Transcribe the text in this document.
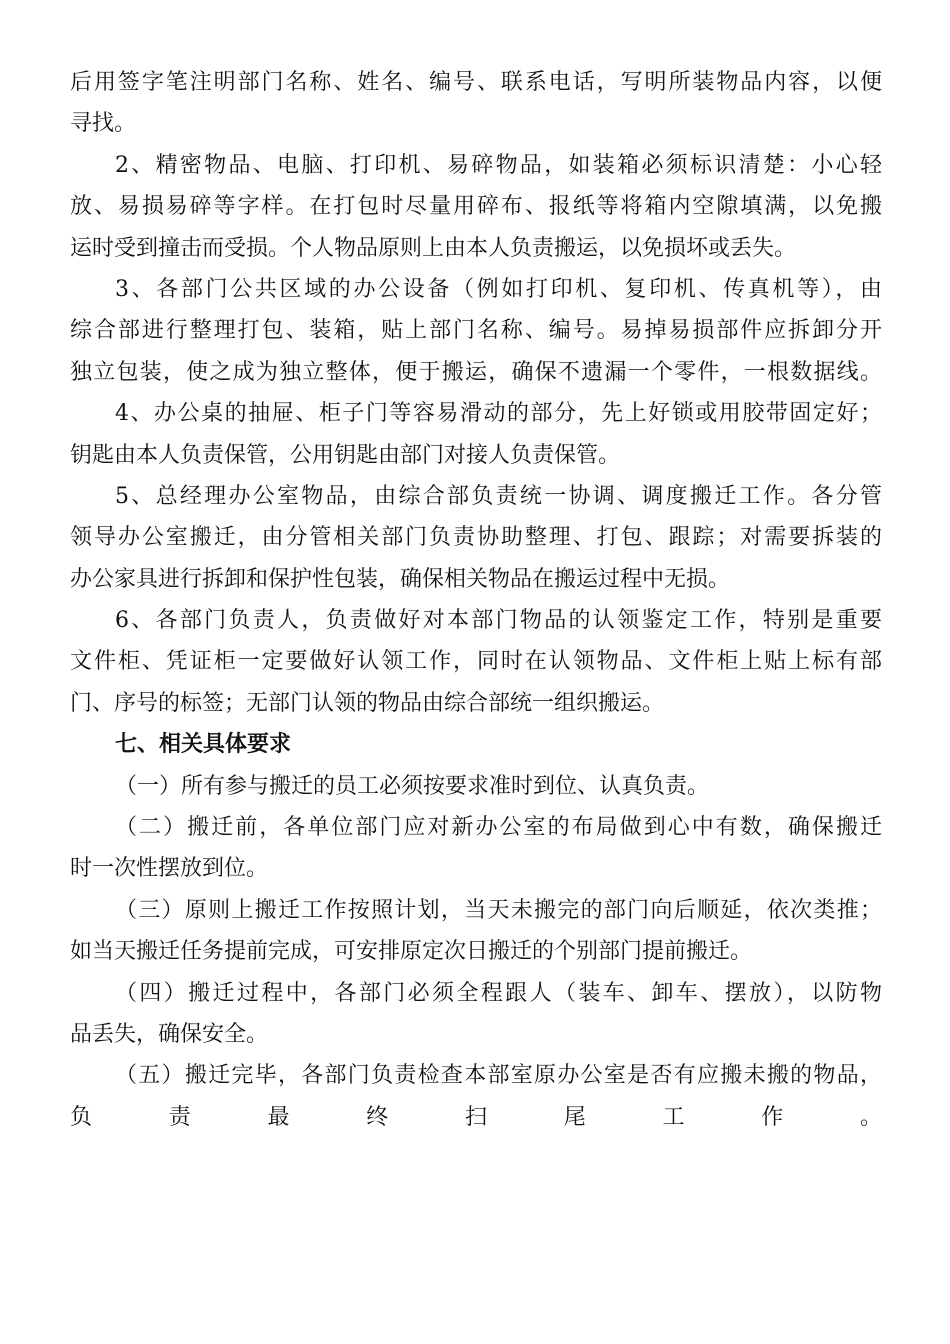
后用签字笔注明部门名称、姓名、编号、联系电话，写明所装物品内容，以便
寻找。
2、精密物品、电脑、打印机、易碎物品，如装箱必须标识清楚：小心轻
放、易损易碎等字样。在打包时尽量用碎布、报纸等将箱内空隙填满，以免搬
运时受到撞击而受损。个人物品原则上由本人负责搬运，以免损坏或丢失。
3、各部门公共区域的办公设备（例如打印机、复印机、传真机等），由
综合部进行整理打包、装箱，贴上部门名称、编号。易掉易损部件应拆卸分开
独立包装，使之成为独立整体，便于搬运，确保不遗漏一个零件，一根数据线。
4、办公桌的抽屉、柜子门等容易滑动的部分，先上好锁或用胶带固定好；
钥匙由本人负责保管，公用钥匙由部门对接人负责保管。
5、总经理办公室物品，由综合部负责统一协调、调度搬迁工作。各分管
领导办公室搬迁，由分管相关部门负责协助整理、打包、跟踪；对需要拆装的
办公家具进行拆卸和保护性包装，确保相关物品在搬运过程中无损。
6、各部门负责人，负责做好对本部门物品的认领鉴定工作，特别是重要
文件柜、凭证柜一定要做好认领工作，同时在认领物品、文件柜上贴上标有部
门、序号的标签；无部门认领的物品由综合部统一组织搬运。
七、相关具体要求
（一）所有参与搬迁的员工必须按要求准时到位、认真负责。
（二）搬迁前，各单位部门应对新办公室的布局做到心中有数，确保搬迁
时一次性摆放到位。
（三）原则上搬迁工作按照计划，当天未搬完的部门向后顺延，依次类推；
如当天搬迁任务提前完成，可安排原定次日搬迁的个别部门提前搬迁。
（四）搬迁过程中，各部门必须全程跟人（装车、卸车、摆放），以防物
品丢失，确保安全。
（五）搬迁完毕，各部门负责检查本部室原办公室是否有应搬未搬的物品，
负 责 最 终 扫 尾 工 作 。
